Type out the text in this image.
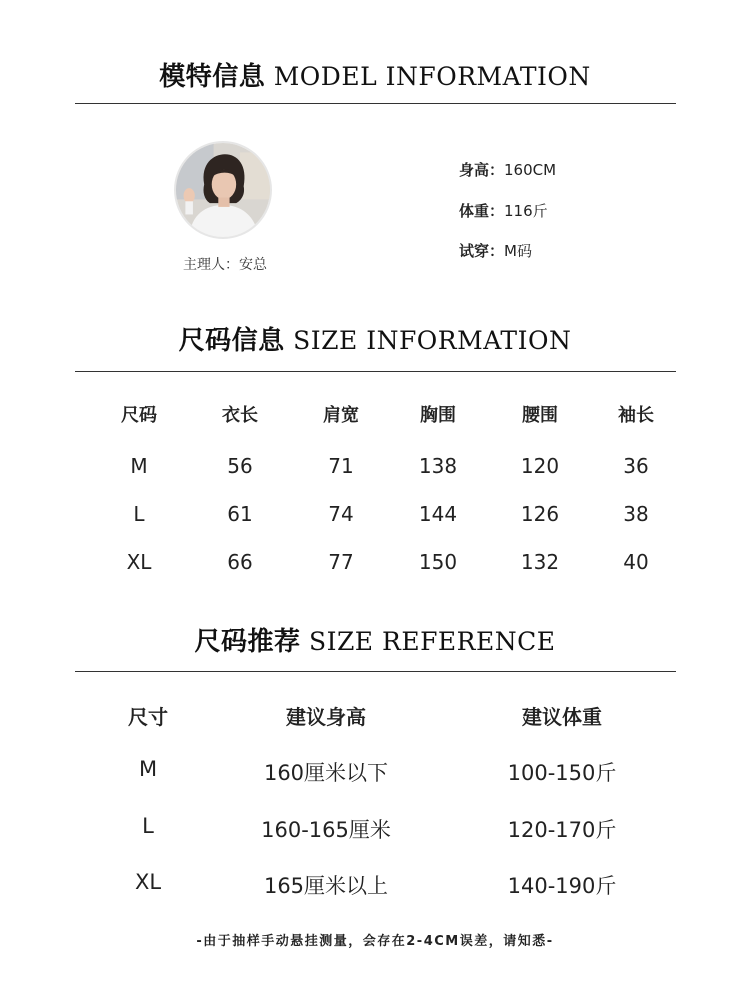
模特信息 MODEL INFORMATION
主理人：安总
身高：160CM
体重：116斤
试穿：M码
尺码信息 SIZE INFORMATION
尺码	衣长	肩宽	胸围	腰围	袖长
M	56	71	138	120	36
L	61	74	144	126	38
XL	66	77	150	132	40
尺码推荐 SIZE REFERENCE
尺寸	建议身高	建议体重
M	160厘米以下	100-150斤
L	160-165厘米	120-170斤
XL	165厘米以上	140-190斤
-由于抽样手动悬挂测量，会存在2-4CM误差，请知悉-
